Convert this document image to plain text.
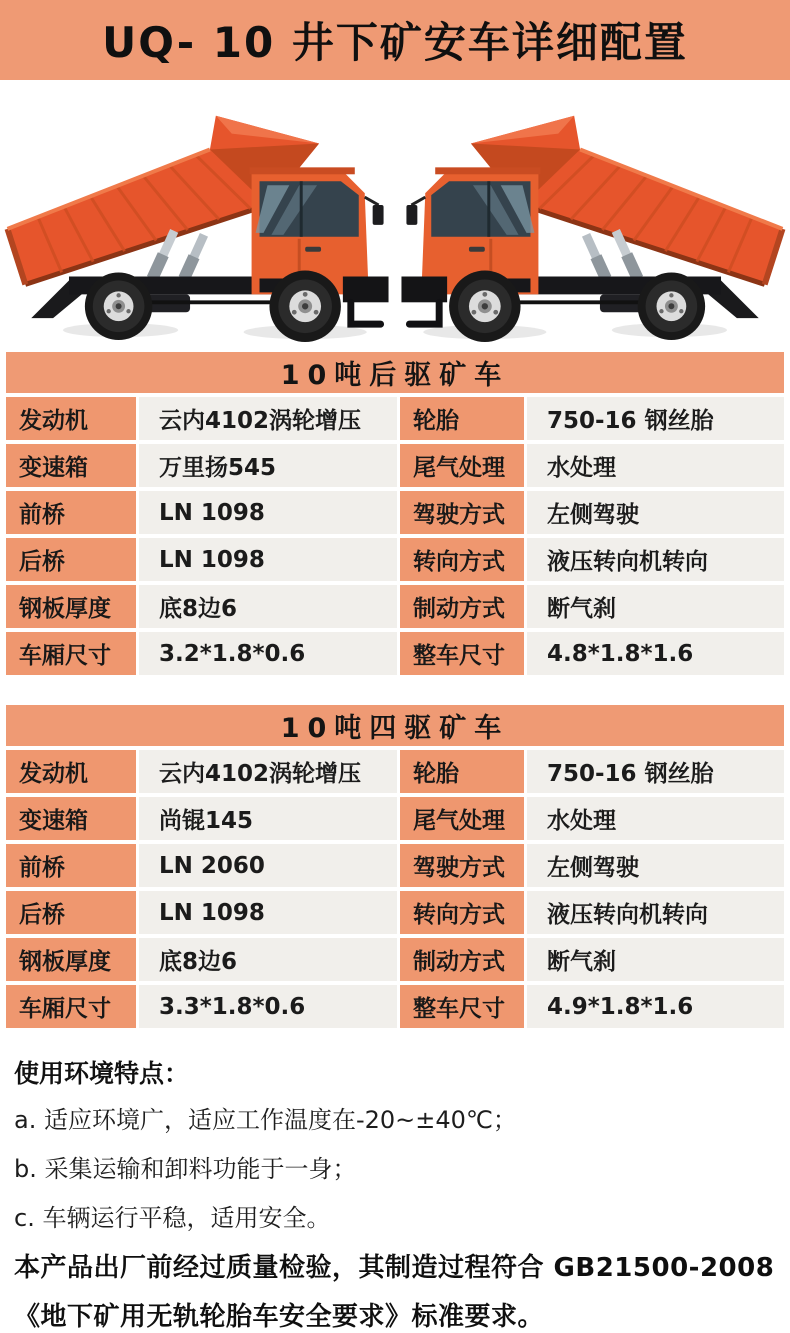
UQ- 10 井下矿安车详细配置
10吨后驱矿车
发动机	云内4102涡轮增压	轮胎	750-16 钢丝胎
变速箱	万里扬545	尾气处理	水处理
前桥	LN 1098	驾驶方式	左侧驾驶
后桥	LN 1098	转向方式	液压转向机转向
钢板厚度	底8边6	制动方式	断气刹
车厢尺寸	3.2*1.8*0.6	整车尺寸	4.8*1.8*1.6
10吨四驱矿车
发动机	云内4102涡轮增压	轮胎	750-16 钢丝胎
变速箱	尚锟145	尾气处理	水处理
前桥	LN 2060	驾驶方式	左侧驾驶
后桥	LN 1098	转向方式	液压转向机转向
钢板厚度	底8边6	制动方式	断气刹
车厢尺寸	3.3*1.8*0.6	整车尺寸	4.9*1.8*1.6

使用环境特点：

a. 适应环境广，适应工作温度在-20~±40℃；

b. 采集运输和卸料功能于一身；

c. 车辆运行平稳，适用安全。

本产品出厂前经过质量检验，其制造过程符合 GB21500-2008

《地下矿用无轨轮胎车安全要求》标准要求。
